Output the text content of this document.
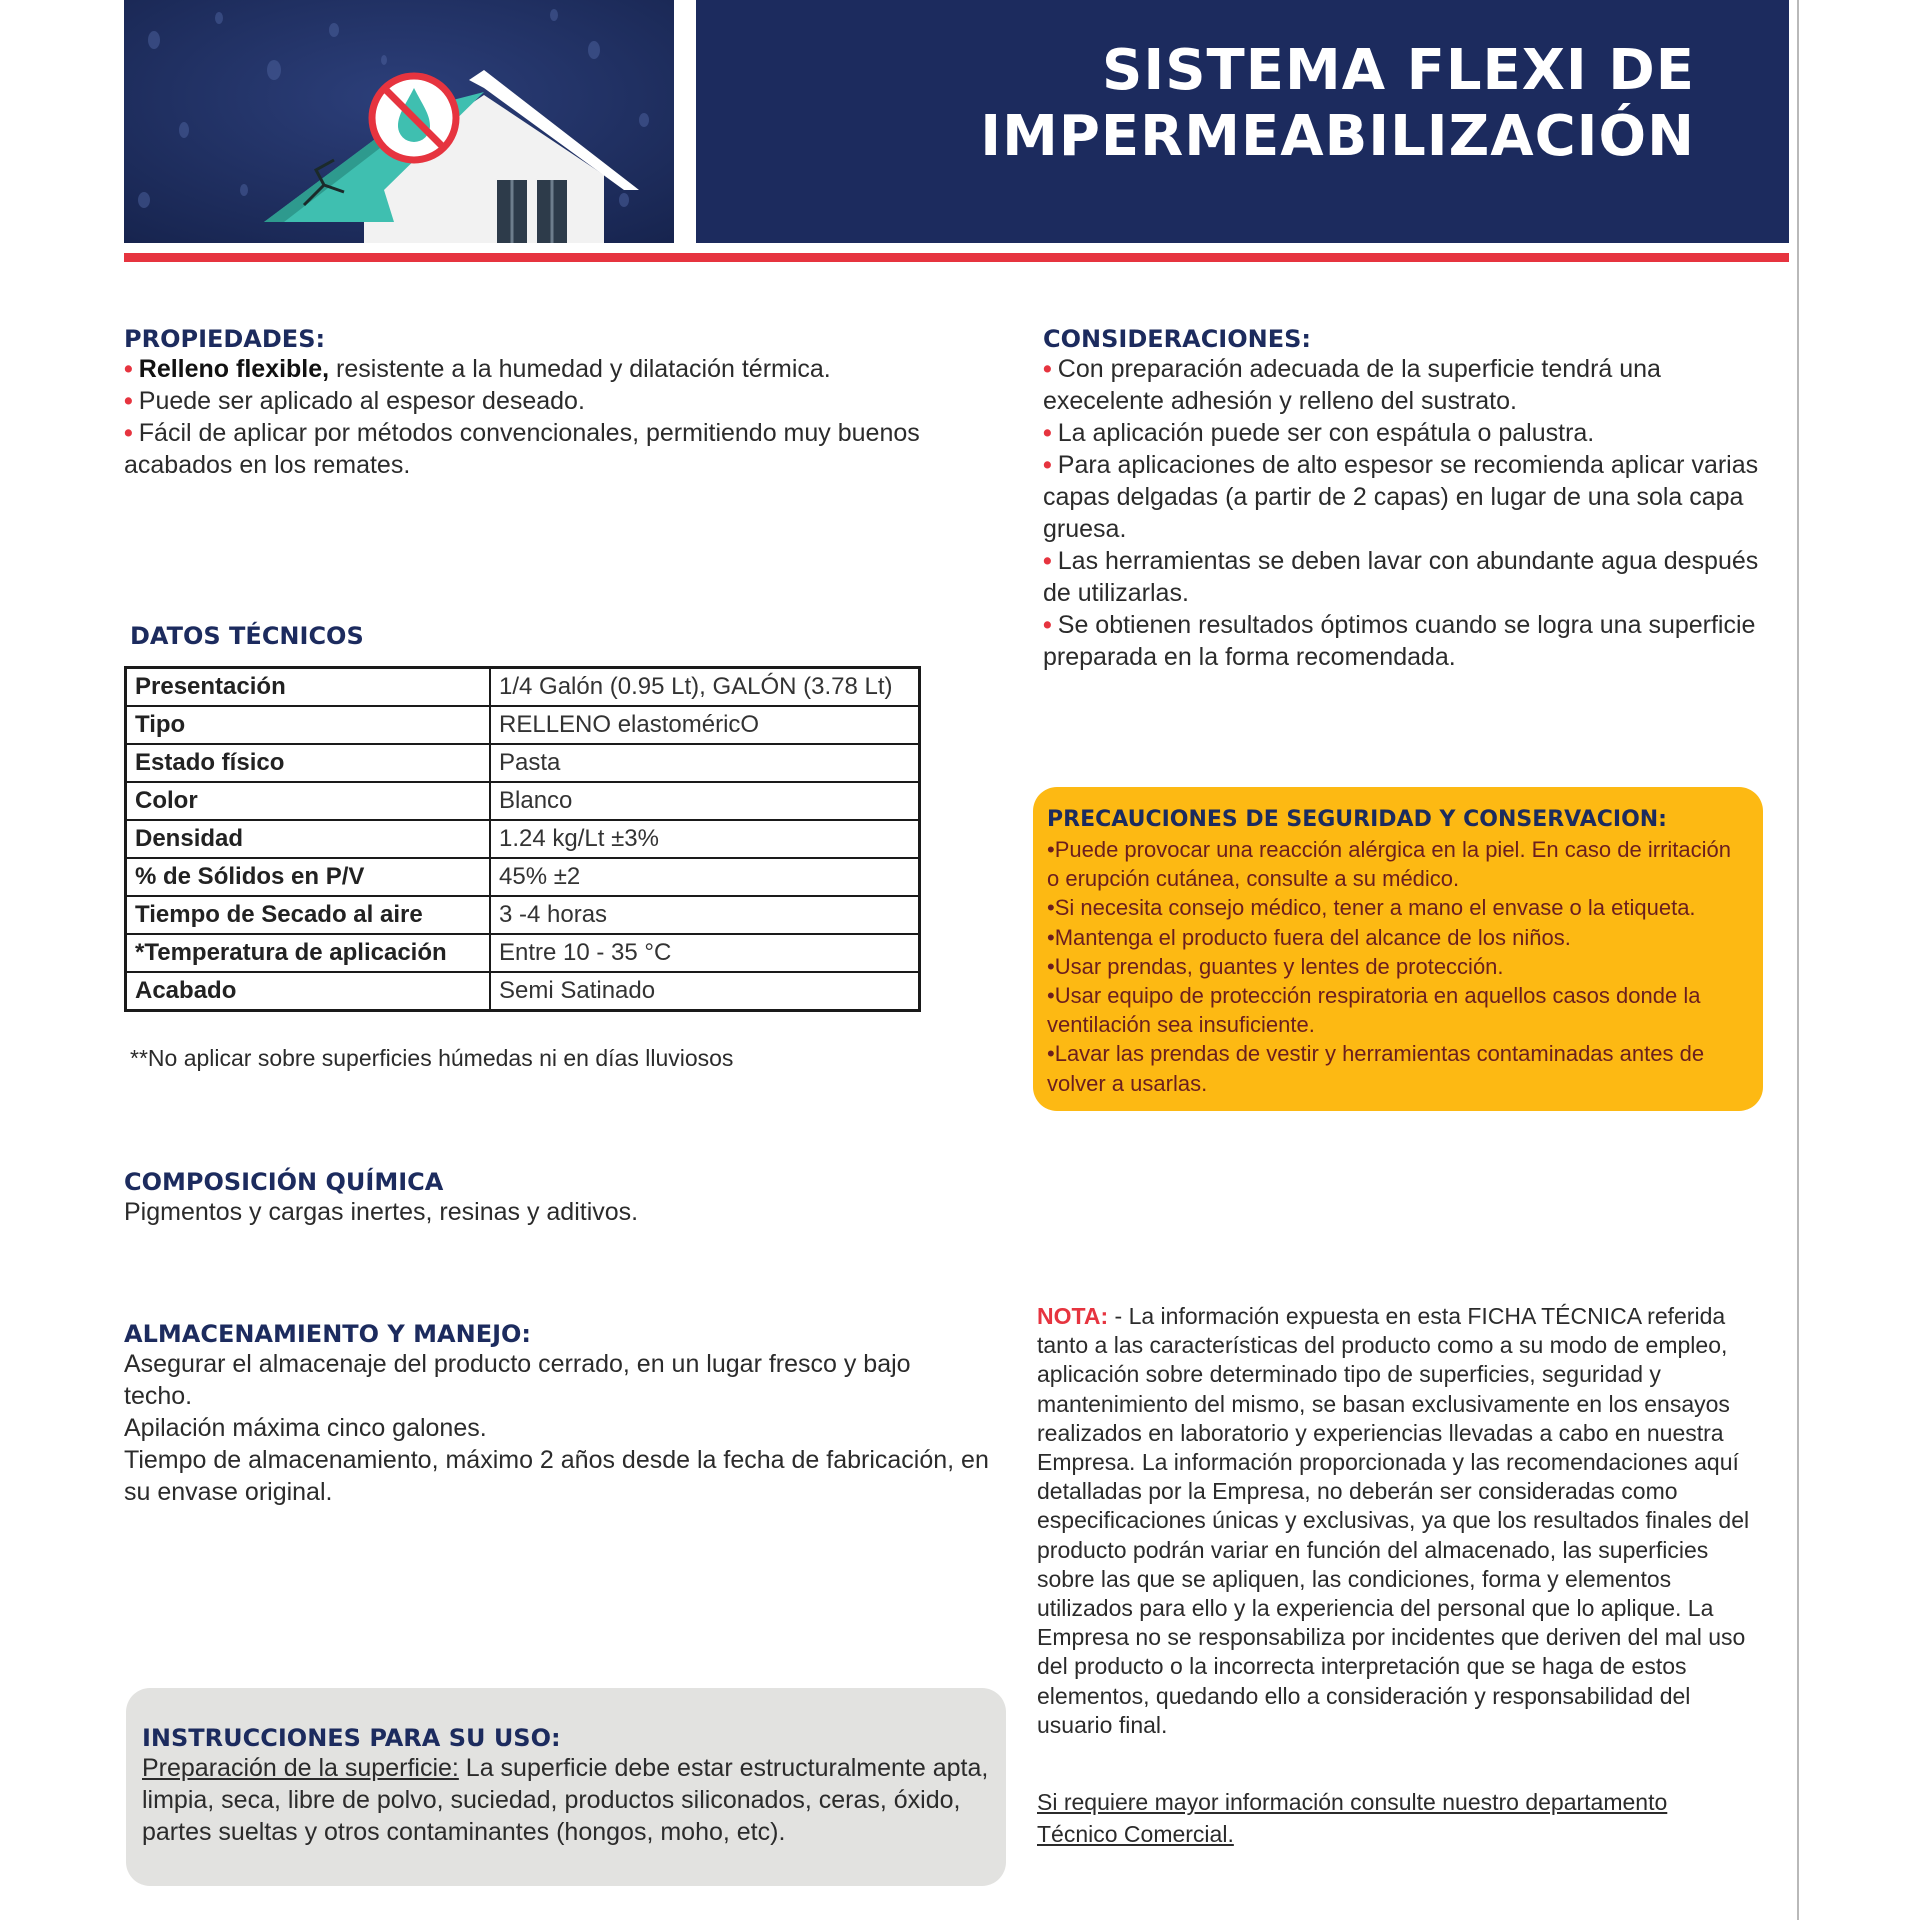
SISTEMA FLEXI DE
IMPERMEABILIZACIÓN
PROPIEDADES:
• Relleno flexible, resistente a la humedad y dilatación térmica.
• Puede ser aplicado al espesor deseado.
• Fácil de aplicar por métodos convencionales, permitiendo muy buenos acabados en los remates.
DATOS TÉCNICOS
Presentación	1/4 Galón (0.95 Lt), GALÓN (3.78 Lt)
Tipo	RELLENO elastoméricO
Estado físico	Pasta
Color	Blanco
Densidad	1.24 kg/Lt ±3%
% de Sólidos en P/V	45% ±2
Tiempo de Secado al aire	3 -4 horas
*Temperatura de aplicación	Entre 10 - 35 °C
Acabado	Semi Satinado
**No aplicar sobre superficies húmedas ni en días lluviosos
COMPOSICIÓN QUÍMICA
Pigmentos y cargas inertes, resinas y aditivos.
ALMACENAMIENTO Y MANEJO:
Asegurar el almacenaje del producto cerrado, en un lugar fresco y bajo techo.
Apilación máxima cinco galones.
Tiempo de almacenamiento, máximo 2 años desde la fecha de fabricación, en su envase original.
INSTRUCCIONES PARA SU USO:
Preparación de la superficie: La superficie debe estar estructuralmente apta, limpia, seca, libre de polvo, suciedad, productos siliconados, ceras, óxido, partes sueltas y otros contaminantes (hongos, moho, etc).
CONSIDERACIONES:
• Con preparación adecuada de la superficie tendrá una execelente adhesión y relleno del sustrato.
• La aplicación puede ser con espátula o palustra.
• Para aplicaciones de alto espesor se recomienda aplicar varias capas delgadas (a partir de 2 capas) en lugar de una sola capa gruesa.
• Las herramientas se deben lavar con abundante agua después de utilizarlas.
• Se obtienen resultados óptimos cuando se logra una superficie preparada en la forma recomendada.
PRECAUCIONES DE SEGURIDAD Y CONSERVACION:
•Puede provocar una reacción alérgica en la piel. En caso de irritación o erupción cutánea, consulte a su médico.
•Si necesita consejo médico, tener a mano el envase o la etiqueta.
•Mantenga el producto fuera del alcance de los niños.
•Usar prendas, guantes y lentes de protección.
•Usar equipo de protección respiratoria en aquellos casos donde la ventilación sea insuficiente.
•Lavar las prendas de vestir y herramientas contaminadas antes de volver a usarlas.
NOTA: - La información expuesta en esta FICHA TÉCNICA referida tanto a las características del producto como a su modo de empleo, aplicación sobre determinado tipo de superficies, seguridad y mantenimiento del mismo, se basan exclusivamente en los ensayos realizados en laboratorio y experiencias llevadas a cabo en nuestra Empresa. La información proporcionada y las recomendaciones aquí detalladas por la Empresa, no deberán ser consideradas como especificaciones únicas y exclusivas, ya que los resultados finales del producto podrán variar en función del almacenado, las superficies sobre las que se apliquen, las condiciones, forma y elementos utilizados para ello y la experiencia del personal que lo aplique. La Empresa no se responsabiliza por incidentes que deriven del mal uso del producto o la incorrecta interpretación que se haga de estos elementos, quedando ello a consideración y responsabilidad del usuario final.
Si requiere mayor información consulte nuestro departamento Técnico Comercial.
